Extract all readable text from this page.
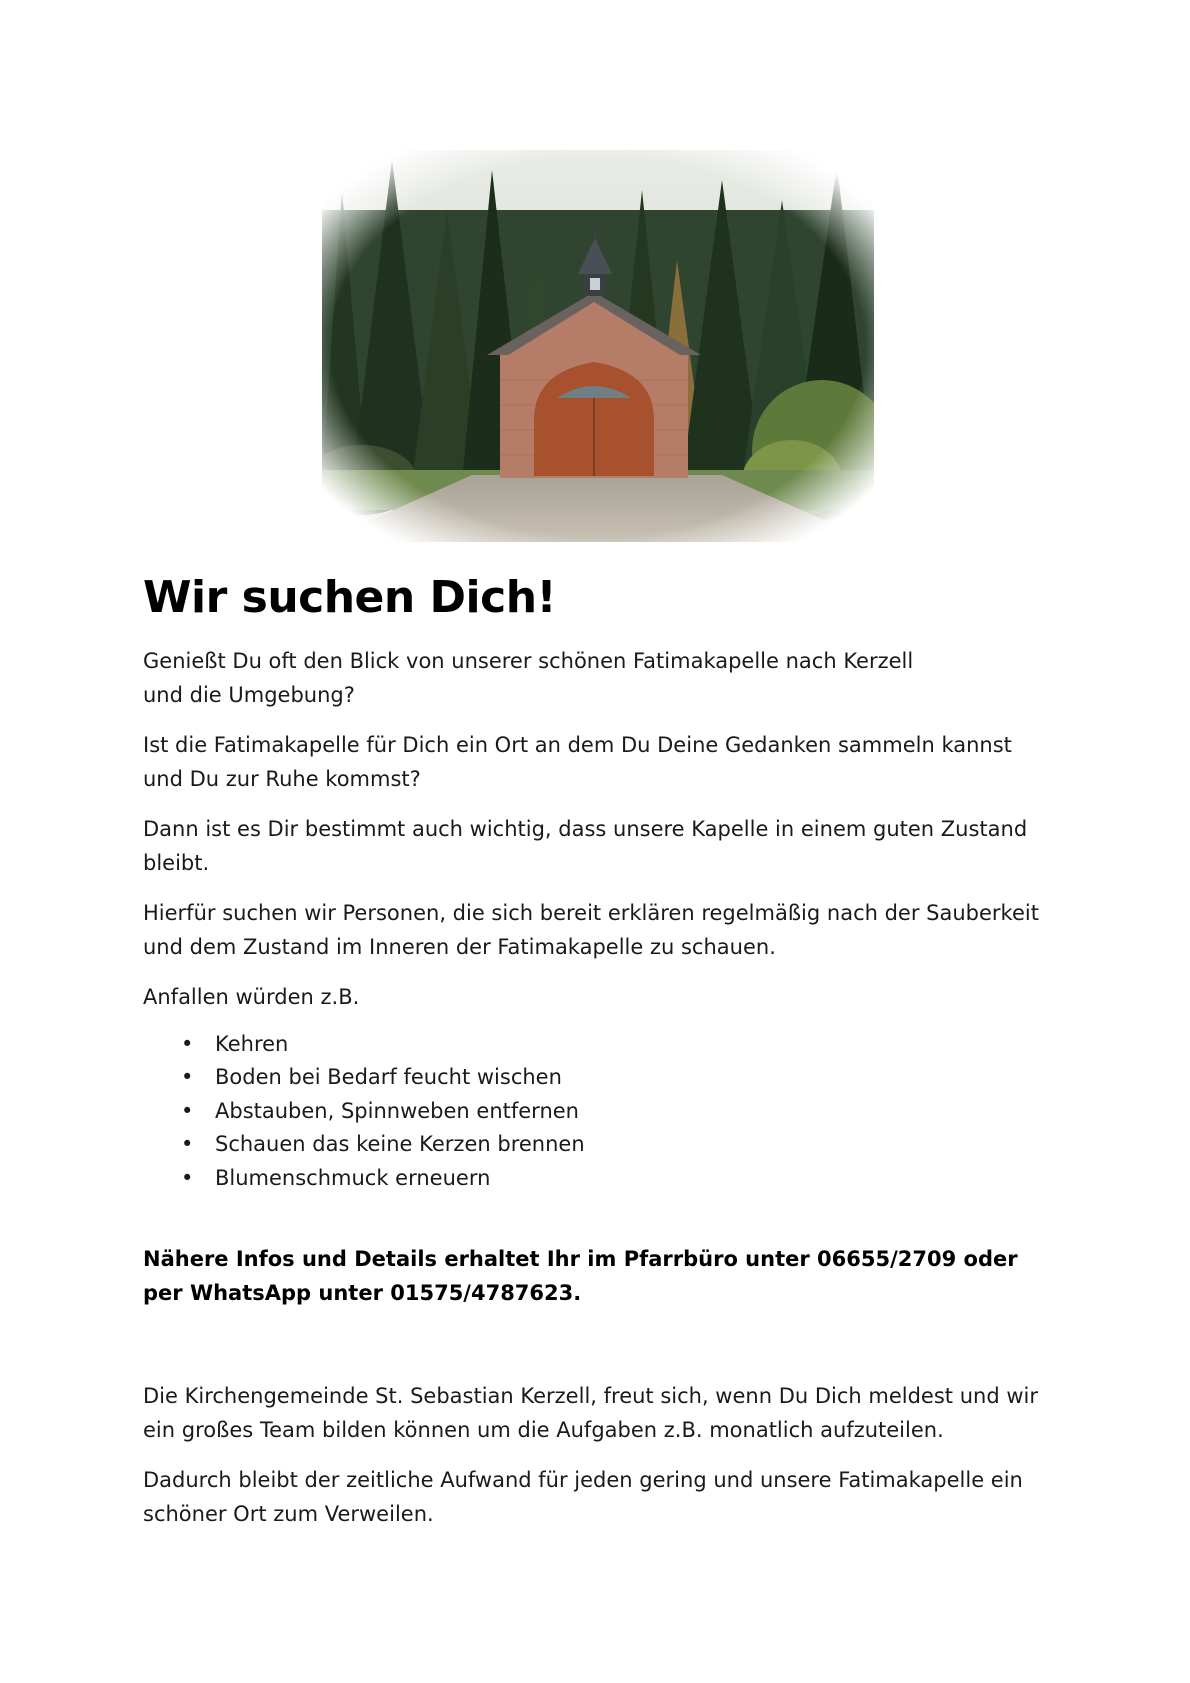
Wir suchen Dich!

Genießt Du oft den Blick von unserer schönen Fatimakapelle nach Kerzell
und die Umgebung?

Ist die Fatimakapelle für Dich ein Ort an dem Du Deine Gedanken sammeln kannst
und Du zur Ruhe kommst?

Dann ist es Dir bestimmt auch wichtig, dass unsere Kapelle in einem guten Zustand
bleibt.

Hierfür suchen wir Personen, die sich bereit erklären regelmäßig nach der Sauberkeit
und dem Zustand im Inneren der Fatimakapelle zu schauen.

Anfallen würden z.B.

• Kehren
• Boden bei Bedarf feucht wischen
• Abstauben, Spinnweben entfernen
• Schauen das keine Kerzen brennen
• Blumenschmuck erneuern

Nähere Infos und Details erhaltet Ihr im Pfarrbüro unter 06655/2709 oder
per WhatsApp unter 01575/4787623.

Die Kirchengemeinde St. Sebastian Kerzell, freut sich, wenn Du Dich meldest und wir
ein großes Team bilden können um die Aufgaben z.B. monatlich aufzuteilen.

Dadurch bleibt der zeitliche Aufwand für jeden gering und unsere Fatimakapelle ein
schöner Ort zum Verweilen.
